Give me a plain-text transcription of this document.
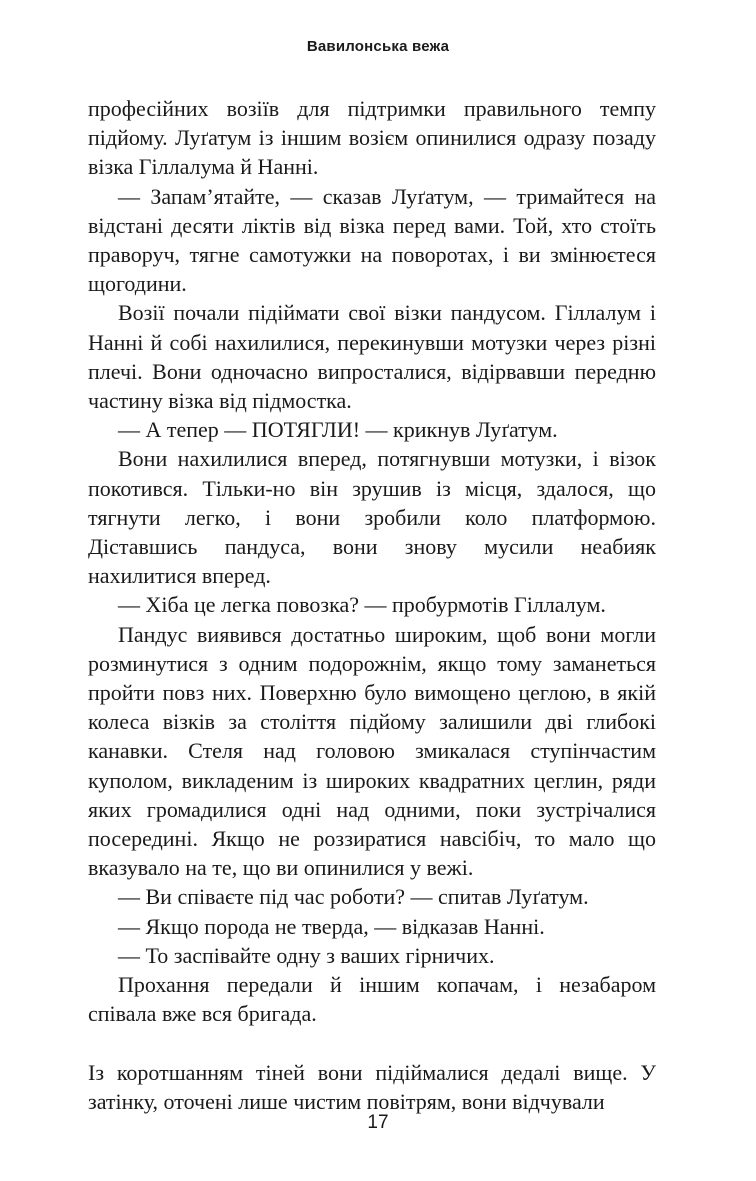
Вавилонська вежа

професійних возіїв для підтримки правильного темпу підйому. Луґатум із іншим возієм опинилися одразу позаду візка Гіллалума й Нанні.

— Запам’ятайте, — сказав Луґатум, — тримайтеся на відстані десяти ліктів від візка перед вами. Той, хто стоїть праворуч, тягне самотужки на поворотах, і ви змінюєтеся щогодини.

Возії почали підіймати свої візки пандусом. Гіллалум і Нанні й собі нахилилися, перекинувши мотузки через різні плечі. Вони одночасно випросталися, відірвавши передню частину візка від підмостка.

— А тепер — ПОТЯГЛИ! — крикнув Луґатум.

Вони нахилилися вперед, потягнувши мотузки, і візок покотився. Тільки-но він зрушив із місця, здалося, що тягнути легко, і вони зробили коло платформою. Діставшись пандуса, вони знову мусили неабияк нахилитися вперед.

— Хіба це легка повозка? — пробурмотів Гіллалум.

Пандус виявився достатньо широким, щоб вони могли розминутися з одним подорожнім, якщо тому заманеться пройти повз них. Поверхню було вимощено цеглою, в якій колеса візків за століття підйому залишили дві глибокі канавки. Стеля над головою змикалася ступінчастим куполом, викладеним із широких квадратних цеглин, ряди яких громадилися одні над одними, поки зустрічалися посередині. Якщо не роззиратися навсібіч, то мало що вказувало на те, що ви опинилися у вежі.

— Ви співаєте під час роботи? — спитав Луґатум.

— Якщо порода не тверда, — відказав Нанні.

— То заспівайте одну з ваших гірничих.

Прохання передали й іншим копачам, і незабаром співала вже вся бригада.

Із коротшанням тіней вони підіймалися дедалі вище. У затінку, оточені лише чистим повітрям, вони відчували

17
